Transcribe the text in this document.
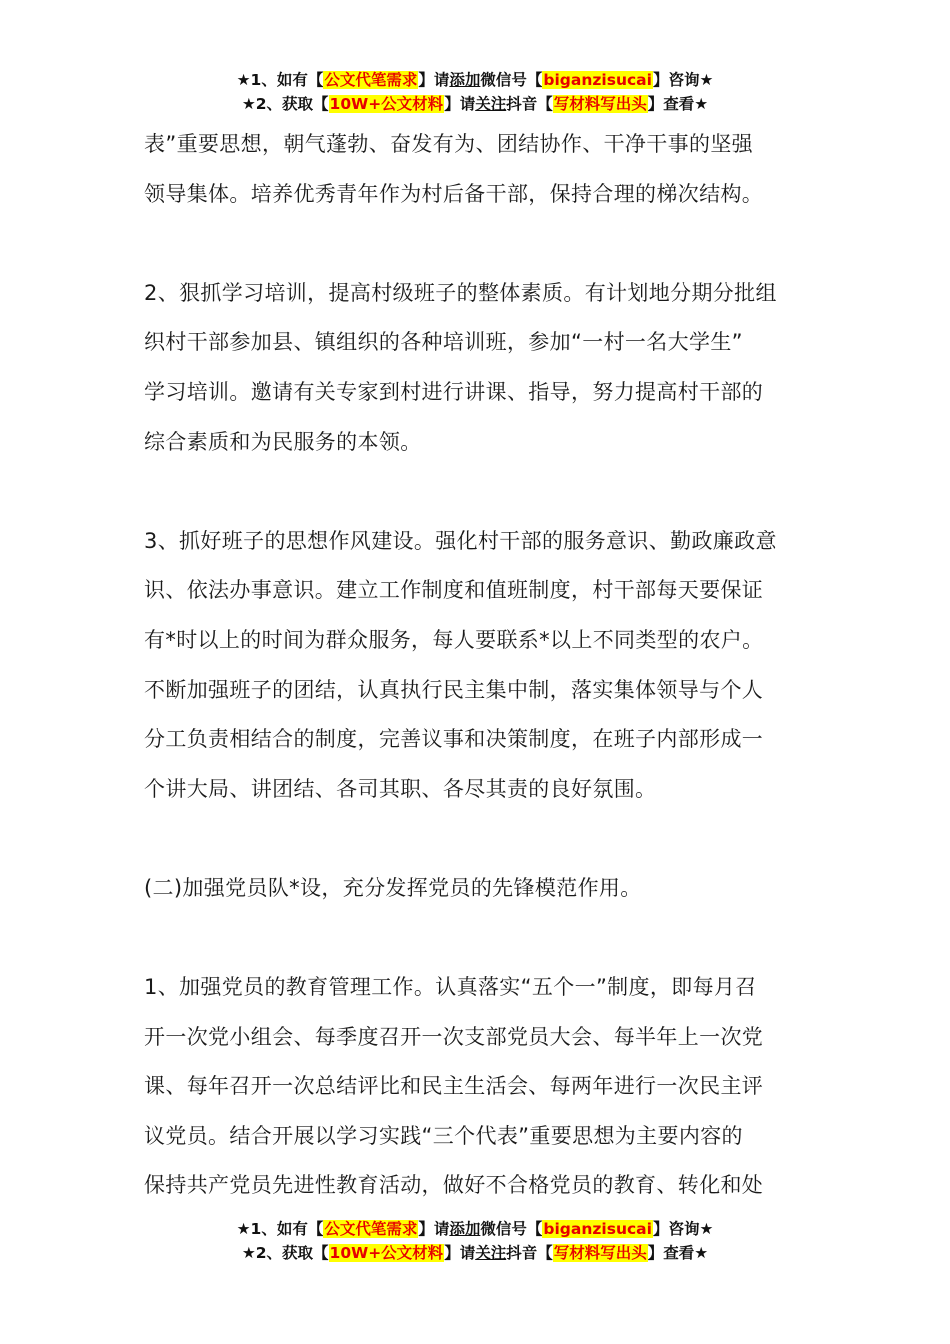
★1、如有【公文代笔需求】请添加微信号【biganzisucai】咨询★
★2、获取【10W+公文材料】请关注抖音【写材料写出头】查看★

表”重要思想，朝气蓬勃、奋发有为、团结协作、干净干事的坚强

领导集体。培养优秀青年作为村后备干部，保持合理的梯次结构。

2、狠抓学习培训，提高村级班子的整体素质。有计划地分期分批组

织村干部参加县、镇组织的各种培训班，参加“一村一名大学生”

学习培训。邀请有关专家到村进行讲课、指导，努力提高村干部的

综合素质和为民服务的本领。

3、抓好班子的思想作风建设。强化村干部的服务意识、勤政廉政意

识、依法办事意识。建立工作制度和值班制度，村干部每天要保证

有*时以上的时间为群众服务，每人要联系*以上不同类型的农户。

不断加强班子的团结，认真执行民主集中制，落实集体领导与个人

分工负责相结合的制度，完善议事和决策制度，在班子内部形成一

个讲大局、讲团结、各司其职、各尽其责的良好氛围。

(二)加强党员队*设，充分发挥党员的先锋模范作用。

1、加强党员的教育管理工作。认真落实“五个一”制度，即每月召

开一次党小组会、每季度召开一次支部党员大会、每半年上一次党

课、每年召开一次总结评比和民主生活会、每两年进行一次民主评

议党员。结合开展以学习实践“三个代表”重要思想为主要内容的

保持共产党员先进性教育活动，做好不合格党员的教育、转化和处

★1、如有【公文代笔需求】请添加微信号【biganzisucai】咨询★
★2、获取【10W+公文材料】请关注抖音【写材料写出头】查看★
